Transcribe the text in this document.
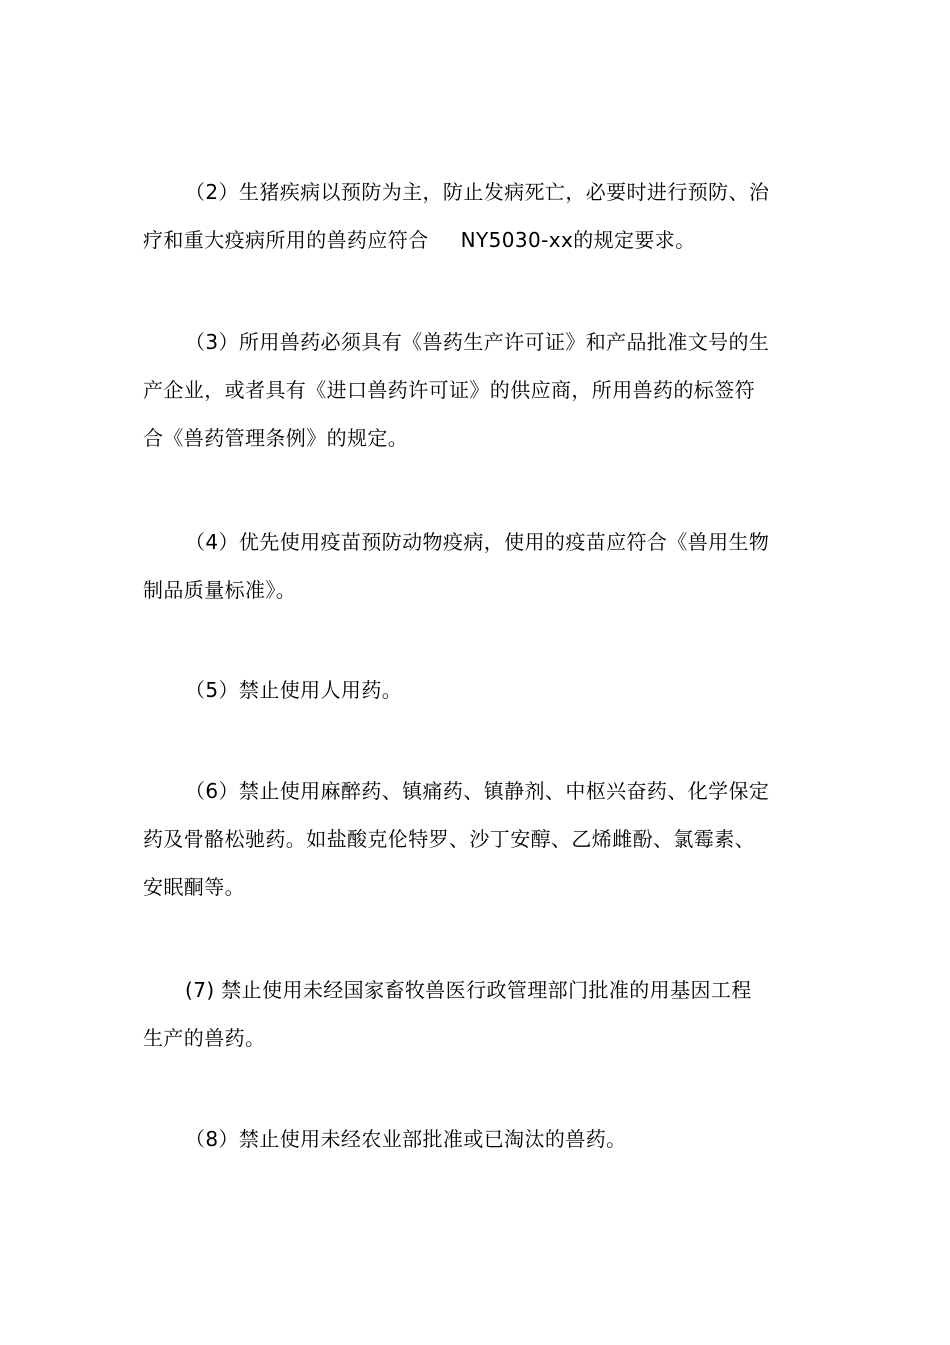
（2）生猪疾病以预防为主，防止发病死亡，必要时进行预防、治
疗和重大疫病所用的兽药应符合 NY5030-xx的规定要求。

（3）所用兽药必须具有《兽药生产许可证》和产品批准文号的生
产企业，或者具有《进口兽药许可证》的供应商，所用兽药的标签符
合《兽药管理条例》的规定。

（4）优先使用疫苗预防动物疫病，使用的疫苗应符合《兽用生物
制品质量标准》。

（5）禁止使用人用药。

（6）禁止使用麻醉药、镇痛药、镇静剂、中枢兴奋药、化学保定
药及骨骼松驰药。如盐酸克伦特罗、沙丁安醇、乙烯雌酚、氯霉素、
安眠酮等。

(7) 禁止使用未经国家畜牧兽医行政管理部门批准的用基因工程
生产的兽药。

（8）禁止使用未经农业部批准或已淘汰的兽药。
